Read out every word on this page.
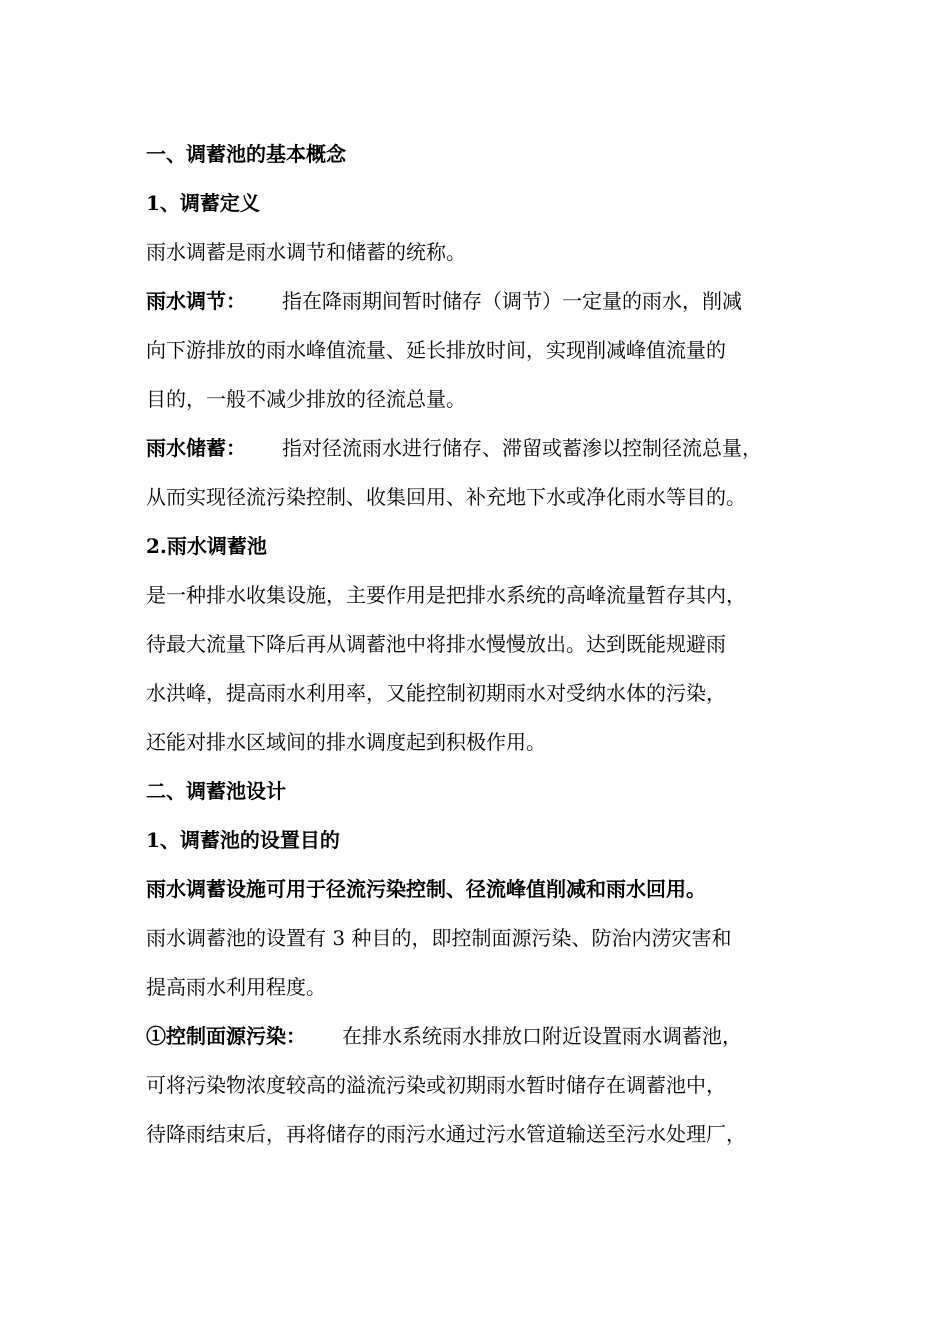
一、调蓄池的基本概念
1、调蓄定义
雨水调蓄是雨水调节和储蓄的统称。
雨水调节： 指在降雨期间暂时储存（调节）一定量的雨水，削减
向下游排放的雨水峰值流量、延长排放时间，实现削减峰值流量的
目的，一般不减少排放的径流总量。
雨水储蓄： 指对径流雨水进行储存、滞留或蓄渗以控制径流总量，
从而实现径流污染控制、收集回用、补充地下水或净化雨水等目的。
2.雨水调蓄池
是一种排水收集设施，主要作用是把排水系统的高峰流量暂存其内，
待最大流量下降后再从调蓄池中将排水慢慢放出。达到既能规避雨
水洪峰，提高雨水利用率，又能控制初期雨水对受纳水体的污染，
还能对排水区域间的排水调度起到积极作用。
二、调蓄池设计
1、调蓄池的设置目的
雨水调蓄设施可用于径流污染控制、径流峰值削减和雨水回用。
雨水调蓄池的设置有 3 种目的，即控制面源污染、防治内涝灾害和
提高雨水利用程度。
①控制面源污染： 在排水系统雨水排放口附近设置雨水调蓄池，
可将污染物浓度较高的溢流污染或初期雨水暂时储存在调蓄池中，
待降雨结束后，再将储存的雨污水通过污水管道输送至污水处理厂，
